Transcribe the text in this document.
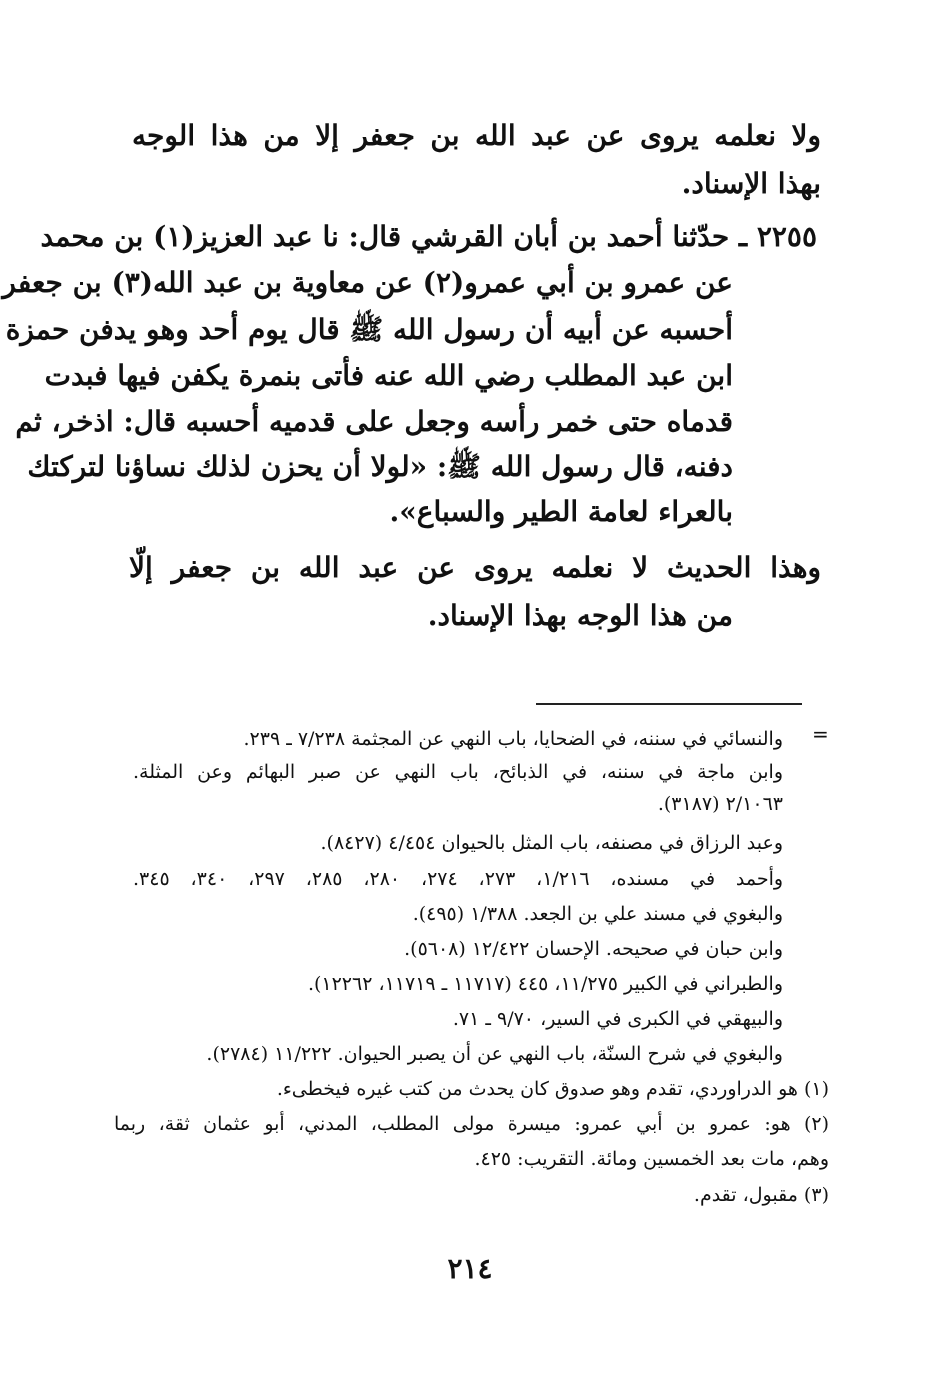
ولا نعلمه يروى عن عبد الله بن جعفر إلا من هذا الوجه
بهذا الإسناد.
٢٢٥٥ ـ حدّثنا أحمد بن أبان القرشي قال: نا عبد العزيز(١) بن محمد
عن عمرو بن أبي عمرو(٢) عن معاوية بن عبد الله(٣) بن جعفر
أحسبه عن أبيه أن رسول الله ﷺ قال يوم أحد وهو يدفن حمزة
ابن عبد المطلب رضي الله عنه فأتى بنمرة يكفن فيها فبدت
قدماه حتى خمر رأسه وجعل على قدميه أحسبه قال: اذخر، ثم
دفنه، قال رسول الله ﷺ: «لولا أن يحزن لذلك نساؤنا لتركتك
بالعراء لعامة الطير والسباع».
وهذا الحديث لا نعلمه يروى عن عبد الله بن جعفر إلّا
من هذا الوجه بهذا الإسناد.
=
والنسائي في سننه، في الضحايا، باب النهي عن المجثمة ٧/٢٣٨ ـ ٢٣٩.
وابن ماجة في سننه، في الذبائح، باب النهي عن صبر البهائم وعن المثلة.
٢/١٠٦٣ (٣١٨٧).
وعبد الرزاق في مصنفه، باب المثل بالحيوان ٤/٤٥٤ (٨٤٢٧).
وأحمد في مسنده، ١/٢١٦، ٢٧٣، ٢٧٤، ٢٨٠، ٢٨٥، ٢٩٧، ٣٤٠، ٣٤٥.
والبغوي في مسند علي بن الجعد. ١/٣٨٨ (٤٩٥).
وابن حبان في صحيحه. الإحسان ١٢/٤٢٢ (٥٦٠٨).
والطبراني في الكبير ١١/٢٧٥، ٤٤٥ (١١٧١٧ ـ ١١٧١٩، ١٢٢٦٢).
والبيهقي في الكبرى في السير، ٩/٧٠ ـ ٧١.
والبغوي في شرح السنّة، باب النهي عن أن يصبر الحيوان. ١١/٢٢٢ (٢٧٨٤).
(١) هو الدراوردي، تقدم وهو صدوق كان يحدث من كتب غيره فيخطىء.
(٢) هو: عمرو بن أبي عمرو: ميسرة مولى المطلب، المدني، أبو عثمان ثقة، ربما
وهم، مات بعد الخمسين ومائة. التقريب: ٤٢٥.
(٣) مقبول، تقدم.
٢١٤
